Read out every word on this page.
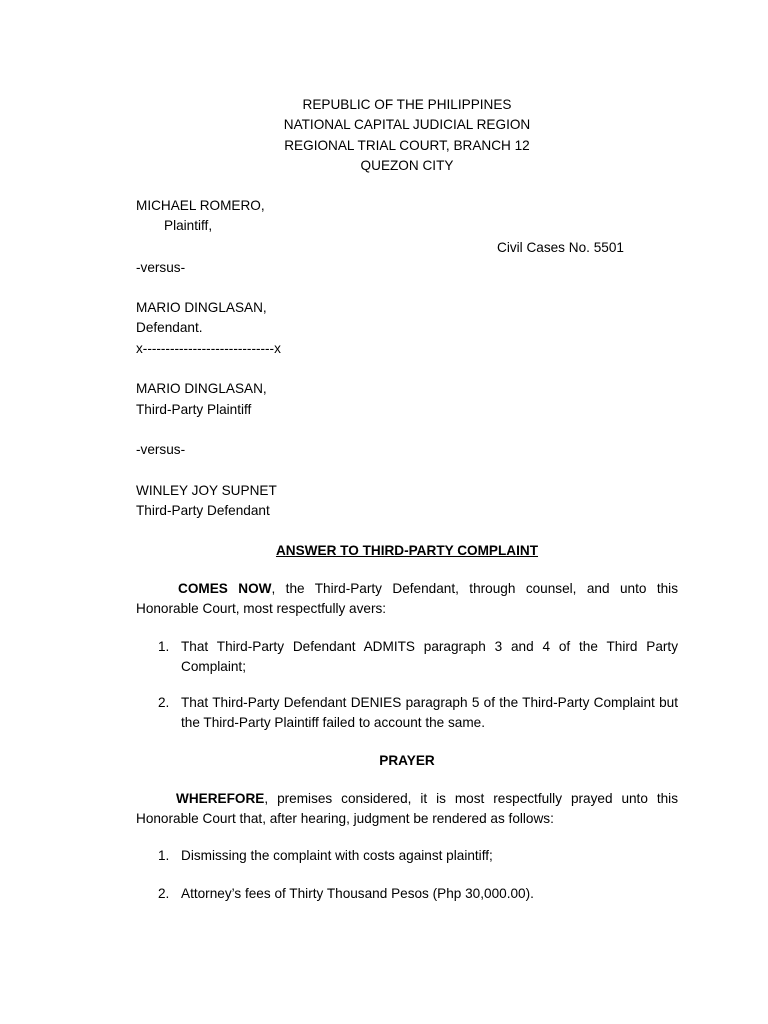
REPUBLIC OF THE PHILIPPINES
NATIONAL CAPITAL JUDICIAL REGION
REGIONAL TRIAL COURT, BRANCH 12
QUEZON CITY
MICHAEL ROMERO,
Plaintiff,
Civil Cases No. 5501
-versus-
MARIO DINGLASAN,
Defendant.
x-----------------------------x
MARIO DINGLASAN,
Third-Party Plaintiff
-versus-
WINLEY JOY SUPNET
Third-Party Defendant
ANSWER TO THIRD-PARTY COMPLAINT
COMES NOW, the Third-Party Defendant, through counsel, and unto this Honorable Court, most respectfully avers:
1. That Third-Party Defendant ADMITS paragraph 3 and 4 of the Third Party Complaint;
2. That Third-Party Defendant DENIES paragraph 5 of the Third-Party Complaint but the Third-Party Plaintiff failed to account the same.
PRAYER
WHEREFORE, premises considered, it is most respectfully prayed unto this Honorable Court that, after hearing, judgment be rendered as follows:
1. Dismissing the complaint with costs against plaintiff;
2. Attorney’s fees of Thirty Thousand Pesos (Php 30,000.00).
